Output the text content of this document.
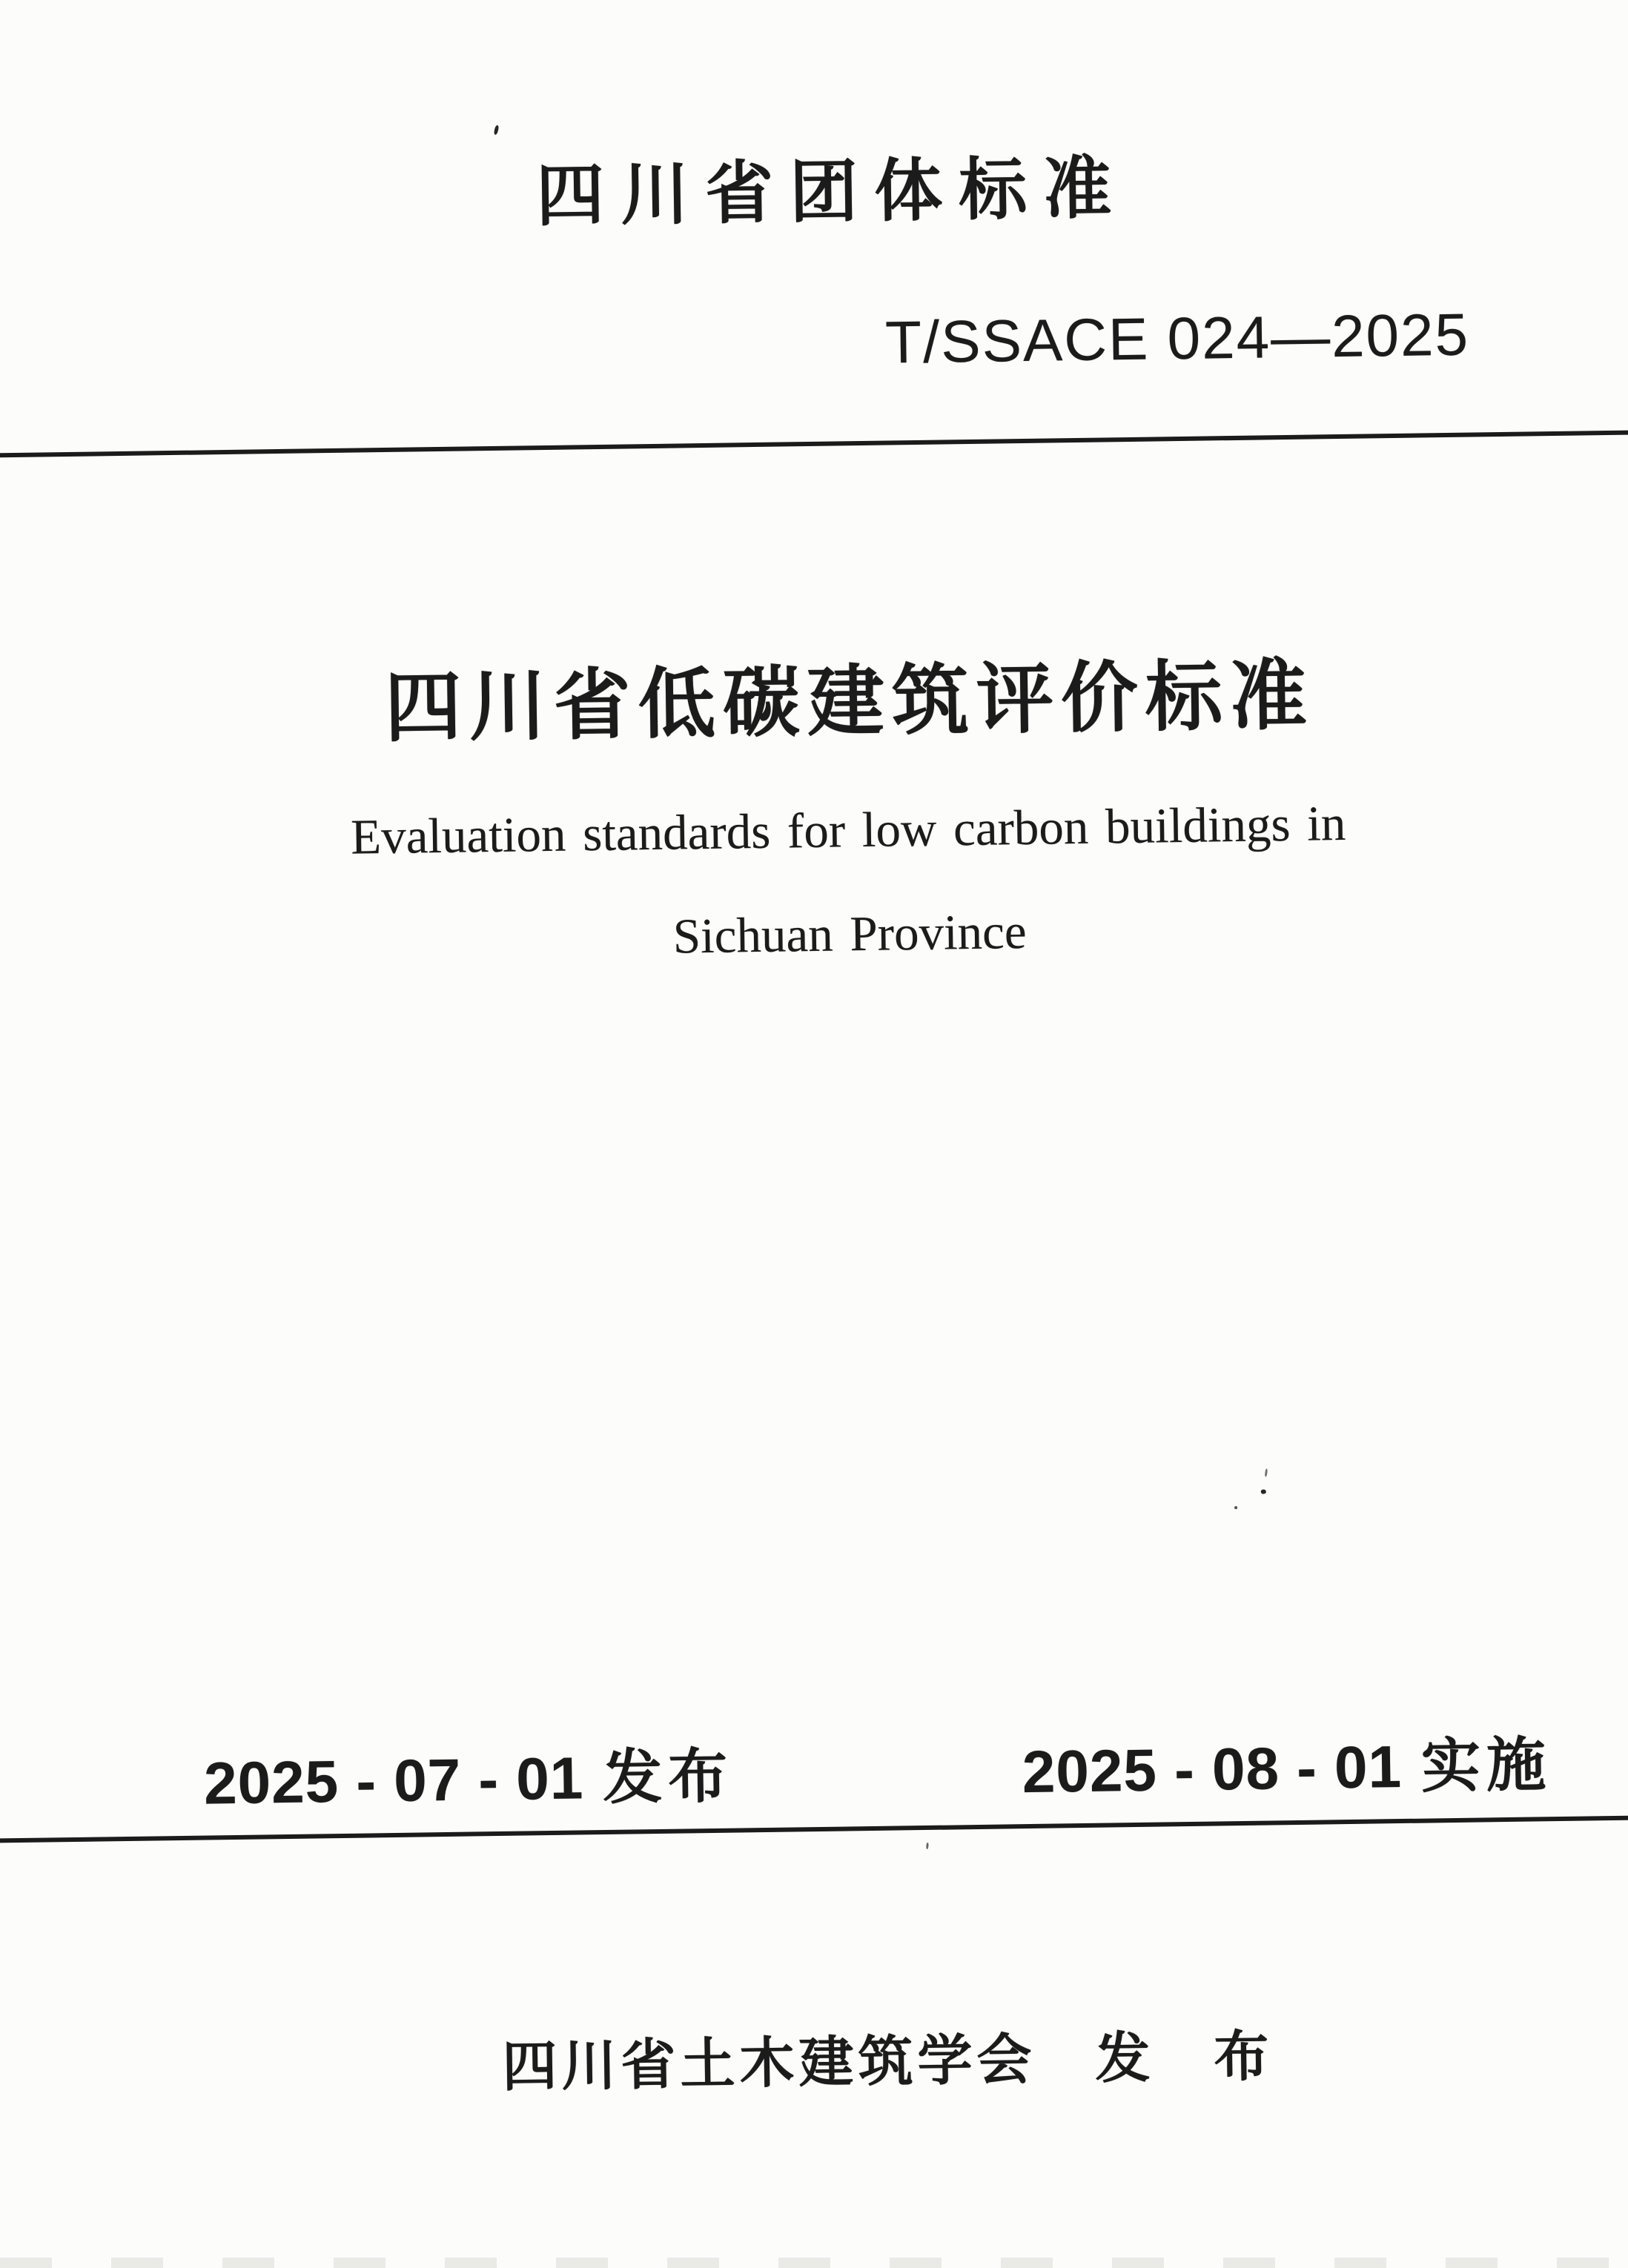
四川省团体标准
T/SSACE 024—2025
四川省低碳建筑评价标准
Evaluation standards for low carbon buildings in
Sichuan Province
2025 - 07 - 01 发布	2025 - 08 - 01 实施
四川省土木建筑学会　发　布
